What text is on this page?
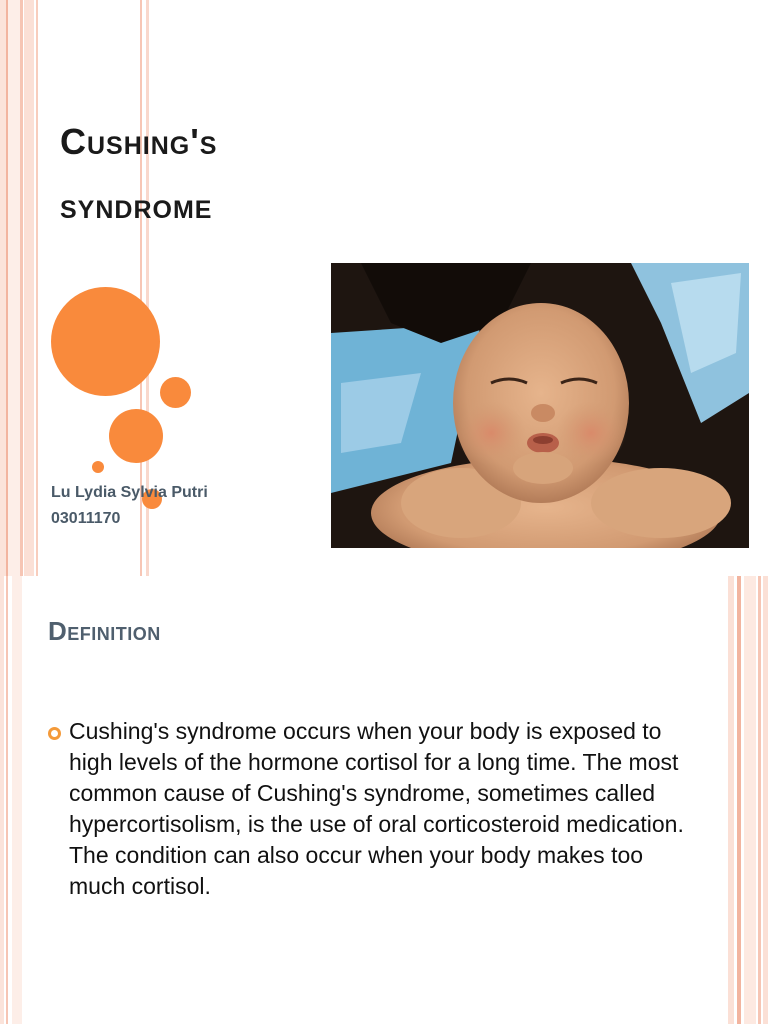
Cushing's
syndrome
Lu Lydia Sylvia Putri
03011170
Definition

Cushing's syndrome occurs when your body is exposed to high levels of the hormone cortisol for a long time. The most common cause of Cushing's syndrome, sometimes called hypercortisolism, is the use of oral corticosteroid medication. The condition can also occur when your body makes too much cortisol.
